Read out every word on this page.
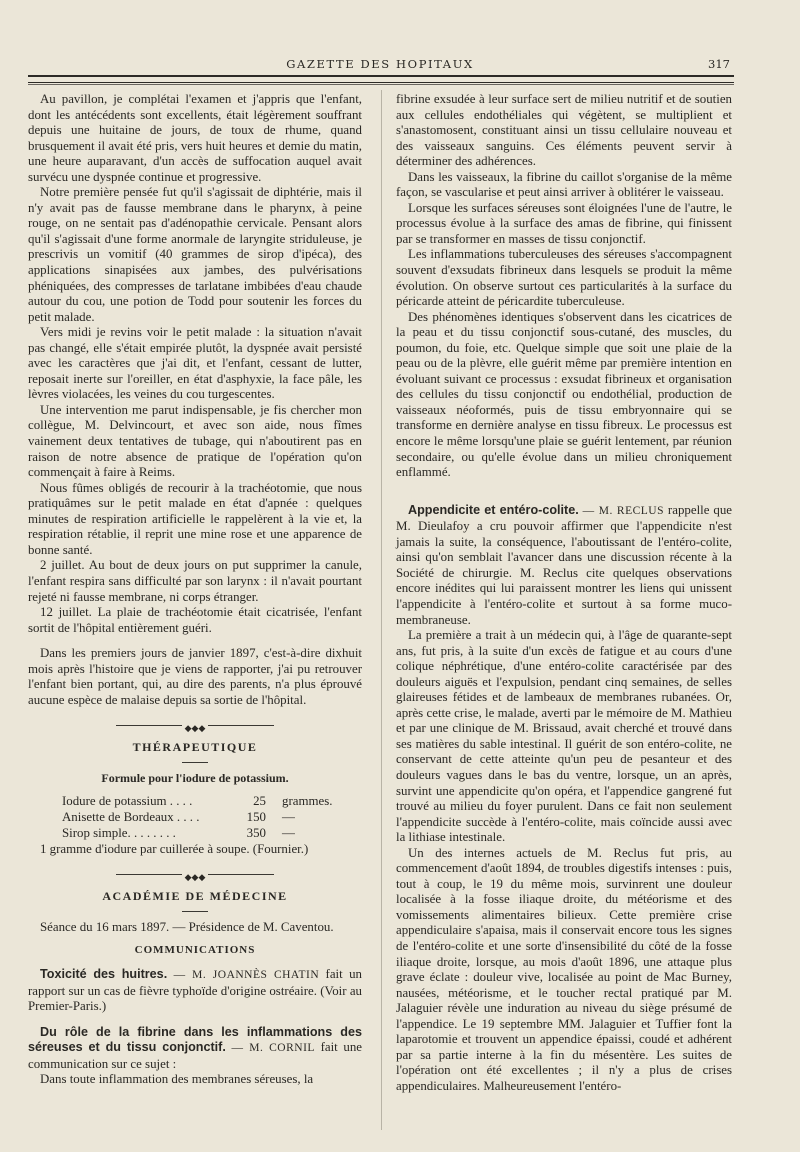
GAZETTE DES HOPITAUX	317

Au pavillon, je complétai l'examen et j'appris que l'enfant, dont les antécédents sont excellents, était légèrement souffrant depuis une huitaine de jours, de toux de rhume, quand brusquement il avait été pris, vers huit heures et demie du matin, une heure auparavant, d'un accès de suffocation auquel avait survécu une dyspnée continue et progressive.

Notre première pensée fut qu'il s'agissait de diphtérie, mais il n'y avait pas de fausse membrane dans le pharynx, à peine rouge, on ne sentait pas d'adénopathie cervicale. Pensant alors qu'il s'agissait d'une forme anormale de laryngite striduleuse, je prescrivis un vomitif (40 grammes de sirop d'ipéca), des applications sinapisées aux jambes, des pulvérisations phéniquées, des compresses de tarlatane imbibées d'eau chaude autour du cou, une potion de Todd pour soutenir les forces du petit malade.

Vers midi je revins voir le petit malade : la situation n'avait pas changé, elle s'était empirée plutôt, la dyspnée avait persisté avec les caractères que j'ai dit, et l'enfant, cessant de lutter, reposait inerte sur l'oreiller, en état d'asphyxie, la face pâle, les lèvres violacées, les veines du cou turgescentes.

Une intervention me parut indispensable, je fis chercher mon collègue, M. Delvincourt, et avec son aide, nous fîmes vainement deux tentatives de tubage, qui n'aboutirent pas en raison de notre absence de pratique de l'opération qu'on commençait à faire à Reims.

Nous fûmes obligés de recourir à la trachéotomie, que nous pratiquâmes sur le petit malade en état d'apnée : quelques minutes de respiration artificielle le rappelèrent à la vie et, la respiration rétablie, il reprit une mine rose et une apparence de bonne santé.

2 juillet. Au bout de deux jours on put supprimer la canule, l'enfant respira sans difficulté par son larynx : il n'avait pourtant rejeté ni fausse membrane, ni corps étranger.

12 juillet. La plaie de trachéotomie était cicatrisée, l'enfant sortit de l'hôpital entièrement guéri.

Dans les premiers jours de janvier 1897, c'est-à-dire dixhuit mois après l'histoire que je viens de rapporter, j'ai pu retrouver l'enfant bien portant, qui, au dire des parents, n'a plus éprouvé aucune espèce de malaise depuis sa sortie de l'hôpital.

◆◆◆
THÉRAPEUTIQUE
Formule pour l'iodure de potassium.
Iodure de potassium . . . .	25	grammes.
Anisette de Bordeaux . . . .	150	—
Sirop simple. . . . . . . .	350	—

1 gramme d'iodure par cuillerée à soupe. (Fournier.)

◆◆◆
ACADÉMIE DE MÉDECINE

Séance du 16 mars 1897. — Présidence de M. Caventou.

COMMUNICATIONS

Toxicité des huitres. — M. JOANNÈS CHATIN fait un rapport sur un cas de fièvre typhoïde d'origine ostréaire. (Voir au Premier-Paris.)

Du rôle de la fibrine dans les inflammations des séreuses et du tissu conjonctif. — M. CORNIL fait une communication sur ce sujet :

Dans toute inflammation des membranes séreuses, la

fibrine exsudée à leur surface sert de milieu nutritif et de soutien aux cellules endothéliales qui végètent, se multiplient et s'anastomosent, constituant ainsi un tissu cellulaire nouveau et des vaisseaux sanguins. Ces éléments peuvent servir à déterminer des adhérences.

Dans les vaisseaux, la fibrine du caillot s'organise de la même façon, se vascularise et peut ainsi arriver à oblitérer le vaisseau.

Lorsque les surfaces séreuses sont éloignées l'une de l'autre, le processus évolue à la surface des amas de fibrine, qui finissent par se transformer en masses de tissu conjonctif.

Les inflammations tuberculeuses des séreuses s'accompagnent souvent d'exsudats fibrineux dans lesquels se produit la même évolution. On observe surtout ces particularités à la surface du péricarde atteint de péricardite tuberculeuse.

Des phénomènes identiques s'observent dans les cicatrices de la peau et du tissu conjonctif sous-cutané, des muscles, du poumon, du foie, etc. Quelque simple que soit une plaie de la peau ou de la plèvre, elle guérit même par première intention en évoluant suivant ce processus : exsudat fibrineux et organisation des cellules du tissu conjonctif ou endothélial, production de vaisseaux néoformés, puis de tissu embryonnaire qui se transforme en dernière analyse en tissu fibreux. Le processus est encore le même lorsqu'une plaie se guérit lentement, par réunion secondaire, ou qu'elle évolue dans un milieu chroniquement enflammé.

Appendicite et entéro-colite. — M. RECLUS rappelle que M. Dieulafoy a cru pouvoir affirmer que l'appendicite n'est jamais la suite, la conséquence, l'aboutissant de l'entéro-colite, ainsi qu'on semblait l'avancer dans une discussion récente à la Société de chirurgie. M. Reclus cite quelques observations encore inédites qui lui paraissent montrer les liens qui unissent l'appendicite à l'entéro-colite et surtout à sa forme muco-membraneuse.

La première a trait à un médecin qui, à l'âge de quarante-sept ans, fut pris, à la suite d'un excès de fatigue et au cours d'une colique néphrétique, d'une entéro-colite caractérisée par des douleurs aiguës et l'expulsion, pendant cinq semaines, de selles glaireuses fétides et de lambeaux de membranes rubanées. Or, après cette crise, le malade, averti par le mémoire de M. Mathieu et par une clinique de M. Brissaud, avait cherché et trouvé dans ses matières du sable intestinal. Il guérit de son entéro-colite, ne conservant de cette atteinte qu'un peu de pesanteur et des douleurs vagues dans le bas du ventre, lorsque, un an après, survint une appendicite qu'on opéra, et l'appendice gangrené fut trouvé au milieu du foyer purulent. Dans ce fait non seulement l'appendicite succède à l'entéro-colite, mais coïncide aussi avec la lithiase intestinale.

Un des internes actuels de M. Reclus fut pris, au commencement d'août 1894, de troubles digestifs intenses : puis, tout à coup, le 19 du même mois, survinrent une douleur localisée à la fosse iliaque droite, du météorisme et des vomissements alimentaires bilieux. Cette première crise appendiculaire s'apaisa, mais il conservait encore tous les signes de l'entéro-colite et une sorte d'insensibilité du côté de la fosse iliaque droite, lorsque, au mois d'août 1896, une attaque plus grave éclate : douleur vive, localisée au point de Mac Burney, nausées, météorisme, et le toucher rectal pratiqué par M. Jalaguier révèle une induration au niveau du siège présumé de l'appendice. Le 19 septembre MM. Jalaguier et Tuffier font la laparotomie et trouvent un appendice épaissi, coudé et adhérent par sa partie interne à la fin du mésentère. Les suites de l'opération ont été excellentes ; il n'y a plus de crises appendiculaires. Malheureusement l'entéro-
